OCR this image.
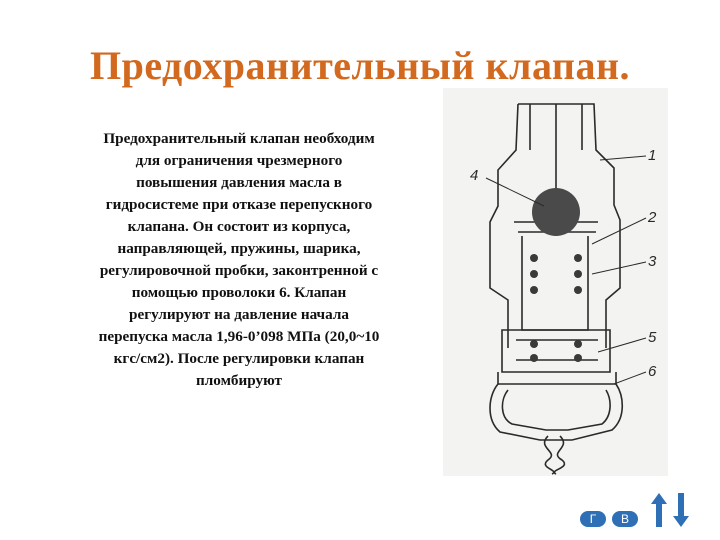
Предохранительный клапан.

Предохранительный клапан необходим для ограничения чрезмерного повышения давления масла в гидросистеме при отказе перепускного клапана. Он состоит из корпуса, направляющей, пружины, шарика, регулировочной пробки, законтренной с помощью проволоки 6. Клапан регулируют на давление начала перепуска масла 1,96-0’098 МПа (20,0~10 кгс/см2). После регулировки клапан пломбируют

1
2
3
4
5
6
Г	В
